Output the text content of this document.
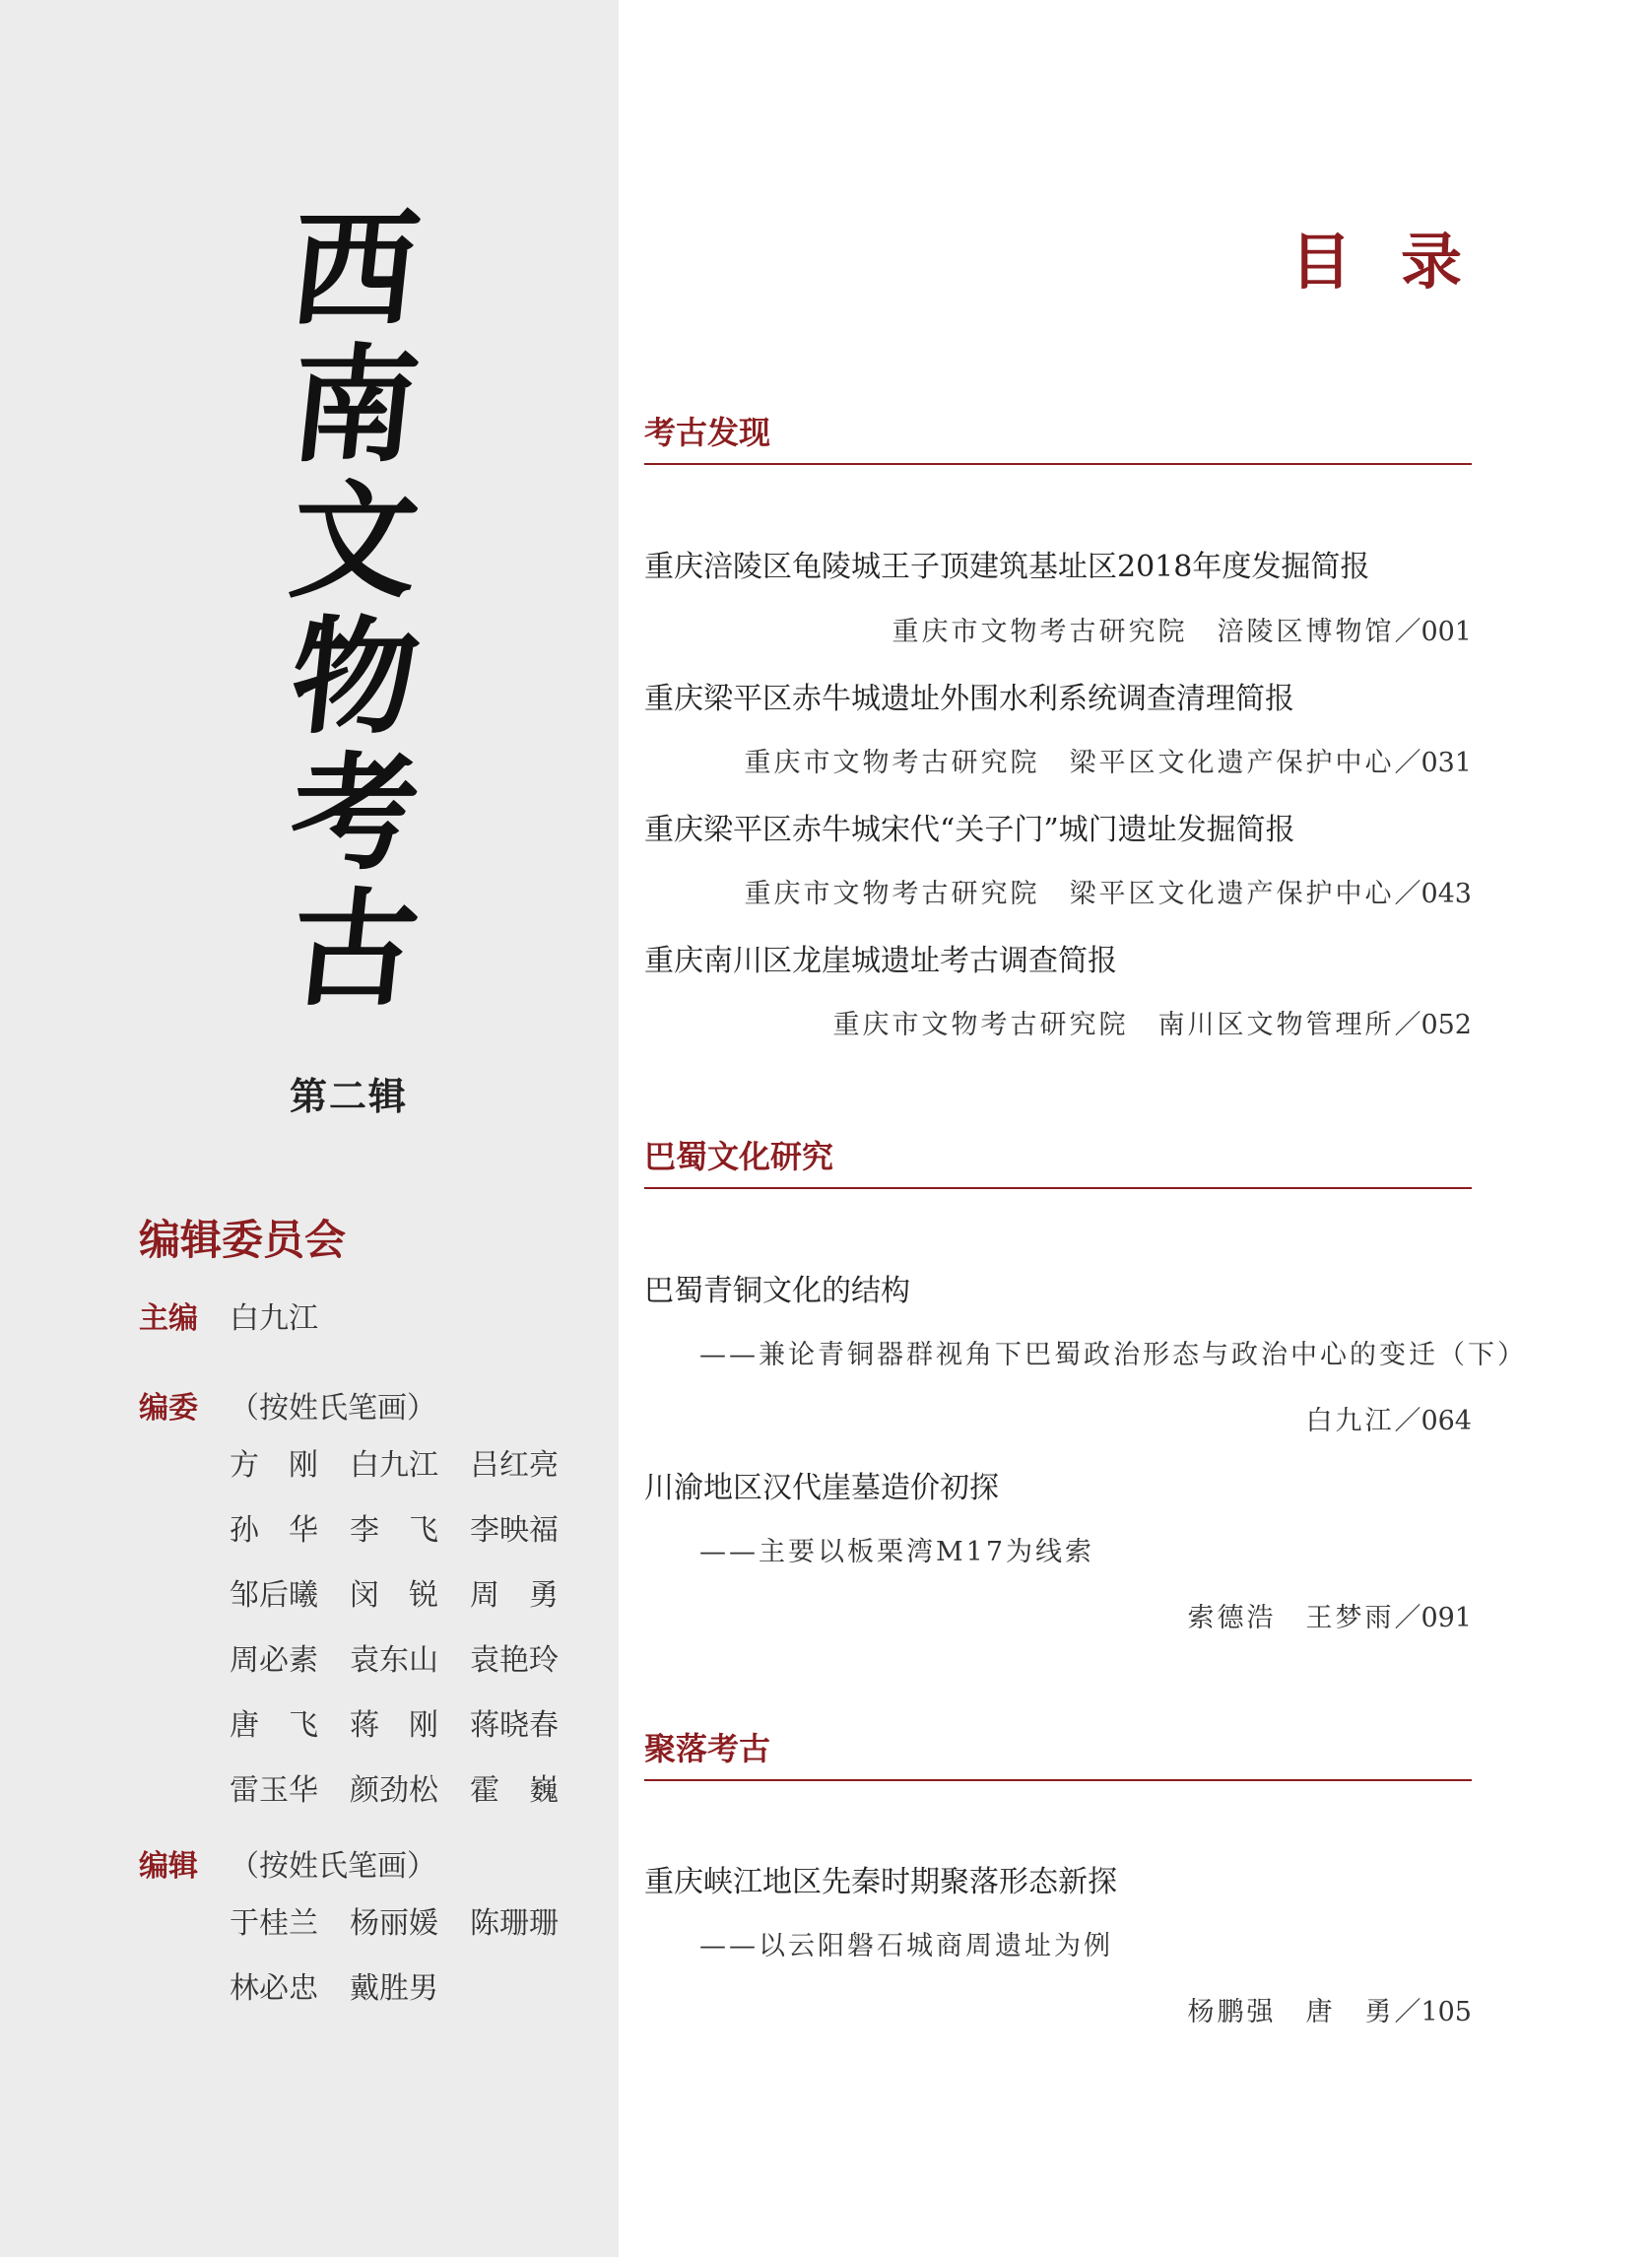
西
南
文
物
考
古
第二辑
编辑委员会
主编 白九江
编委 （按姓氏笔画）
方　刚	白九江	吕红亮
孙　华	李　飞	李映福
邹后曦	闵　锐	周　勇
周必素	袁东山	袁艳玲
唐　飞	蒋　刚	蒋晓春
雷玉华	颜劲松	霍　巍
编辑 （按姓氏笔画）
于桂兰	杨丽媛	陈珊珊
林必忠	戴胜男
目录
考古发现
重庆涪陵区龟陵城王子顶建筑基址区2018年度发掘简报
重庆市文物考古研究院　涪陵区博物馆／001
重庆梁平区赤牛城遗址外围水利系统调查清理简报
重庆市文物考古研究院　梁平区文化遗产保护中心／031
重庆梁平区赤牛城宋代“关子门”城门遗址发掘简报
重庆市文物考古研究院　梁平区文化遗产保护中心／043
重庆南川区龙崖城遗址考古调查简报
重庆市文物考古研究院　南川区文物管理所／052
巴蜀文化研究
巴蜀青铜文化的结构
——兼论青铜器群视角下巴蜀政治形态与政治中心的变迁（下）
白九江／064
川渝地区汉代崖墓造价初探
——主要以板栗湾M17为线索
索德浩　王梦雨／091
聚落考古
重庆峡江地区先秦时期聚落形态新探
——以云阳磐石城商周遗址为例
杨鹏强　唐　勇／105
